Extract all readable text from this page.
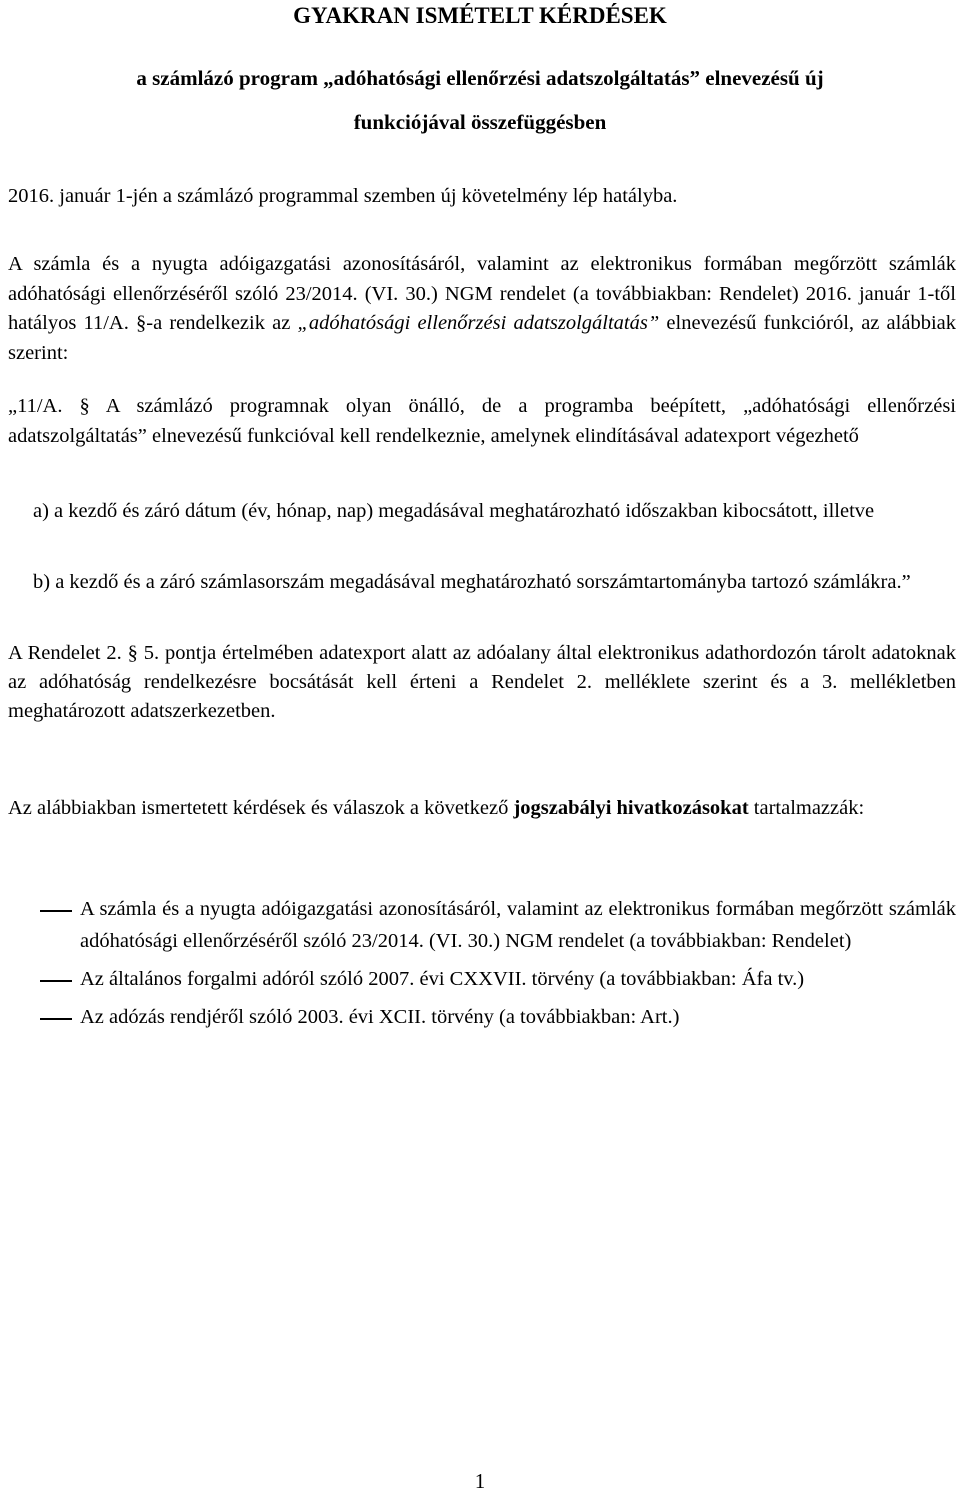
GYAKRAN ISMÉTELT KÉRDÉSEK
a számlázó program „adóhatósági ellenőrzési adatszolgáltatás” elnevezésű új
funkciójával összefüggésben
2016. január 1-jén a számlázó programmal szemben új követelmény lép hatályba.
A számla és a nyugta adóigazgatási azonosításáról, valamint az elektronikus formában megőrzött számlák adóhatósági ellenőrzéséről szóló 23/2014. (VI. 30.) NGM rendelet (a továbbiakban: Rendelet) 2016. január 1-től hatályos 11/A. §-a rendelkezik az „adóhatósági ellenőrzési adatszolgáltatás” elnevezésű funkcióról, az alábbiak szerint:
„11/A. § A számlázó programnak olyan önálló, de a programba beépített, „adóhatósági ellenőrzési adatszolgáltatás” elnevezésű funkcióval kell rendelkeznie, amelynek elindításával adatexport végezhető
a) a kezdő és záró dátum (év, hónap, nap) megadásával meghatározható időszakban kibocsátott, illetve
b) a kezdő és a záró számlasorszám megadásával meghatározható sorszámtartományba tartozó számlákra.”
A Rendelet 2. § 5. pontja értelmében adatexport alatt az adóalany által elektronikus adathordozón tárolt adatoknak az adóhatóság rendelkezésre bocsátását kell érteni a Rendelet 2. melléklete szerint és a 3. mellékletben meghatározott adatszerkezetben.
Az alábbiakban ismertetett kérdések és válaszok a következő jogszabályi hivatkozásokat tartalmazzák:
A számla és a nyugta adóigazgatási azonosításáról, valamint az elektronikus formában megőrzött számlák adóhatósági ellenőrzéséről szóló 23/2014. (VI. 30.) NGM rendelet (a továbbiakban: Rendelet)
Az általános forgalmi adóról szóló 2007. évi CXXVII. törvény (a továbbiakban: Áfa tv.)
Az adózás rendjéről szóló 2003. évi XCII. törvény (a továbbiakban: Art.)
1
